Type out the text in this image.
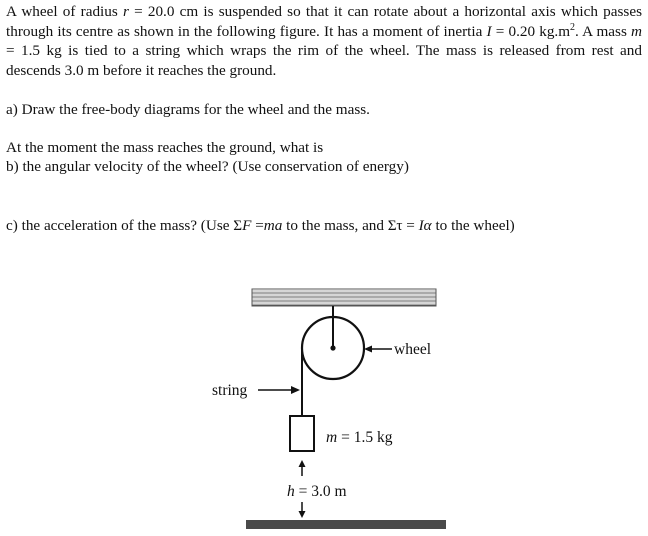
A wheel of radius r = 20.0 cm is suspended so that it can rotate about a horizontal axis which passes through its centre as shown in the following figure. It has a moment of inertia I = 0.20 $kg.m^2$. A mass m = 1.5 kg is tied to a string which wraps the rim of the wheel. The mass is released from rest and descends 3.0 m before it reaches the ground.

a) Draw the free-body diagrams for the wheel and the mass.

At the moment the mass reaches the ground, what is

b) the angular velocity of the wheel? (Use conservation of energy)

c) the acceleration of the mass? (Use ΣF =ma to the mass, and Στ = Iα to the wheel)

wheel
string
m = 1.5 kg
h = 3.0 m
